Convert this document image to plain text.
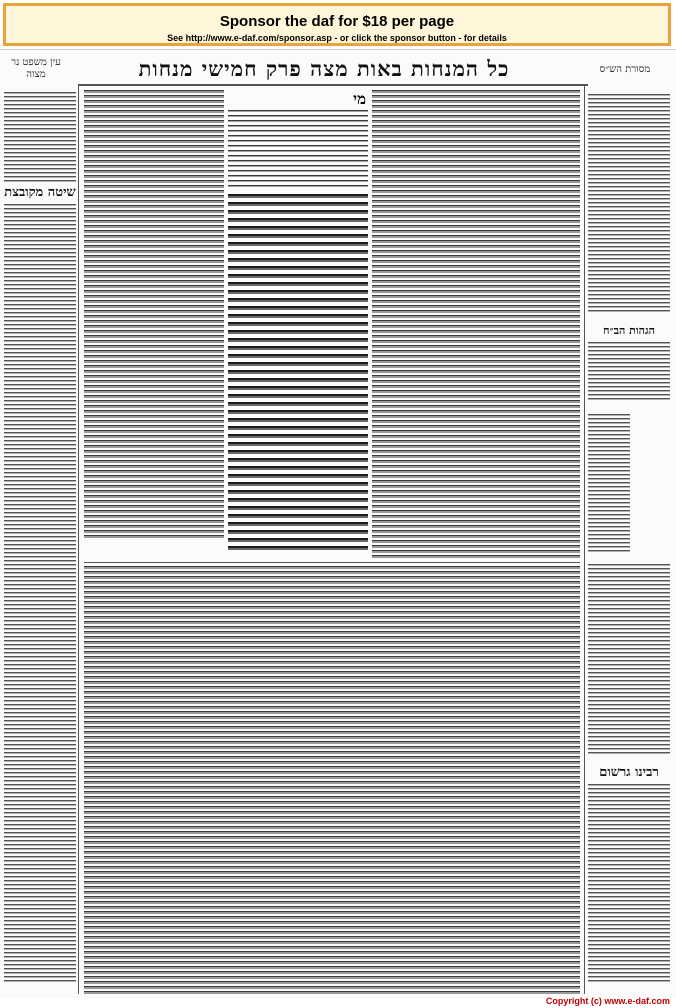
Sponsor the daf for $18 per page
See http://www.e-daf.com/sponsor.asp - or click the sponsor button - for details
עין משפט נר מצוה	כל המנחות באות מצה פרק חמישי מנחות	מסורת הש״ס
שיטה מקובצת
מי
הגהות הב״ח
רבינו גרשום
Copyright (c) www.e-daf.com
